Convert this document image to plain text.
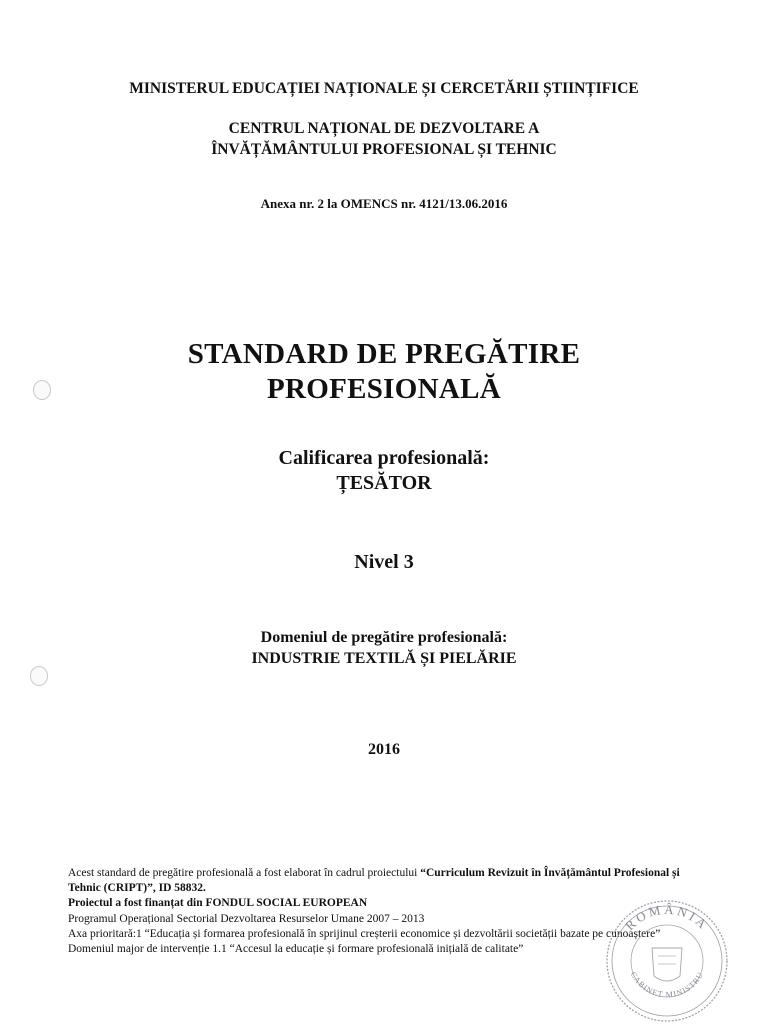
MINISTERUL EDUCAȚIEI NAȚIONALE ȘI CERCETĂRII ȘTIINȚIFICE
CENTRUL NAȚIONAL DE DEZVOLTARE A
ÎNVĂȚĂMÂNTULUI PROFESIONAL ȘI TEHNIC
Anexa nr. 2 la OMENCS nr. 4121/13.06.2016
STANDARD DE PREGĂTIRE
PROFESIONALĂ
Calificarea profesională:
ȚESĂTOR
Nivel 3
Domeniul de pregătire profesională:
INDUSTRIE TEXTILĂ ȘI PIELĂRIE
2016

Acest standard de pregătire profesională a fost elaborat în cadrul proiectului “Curriculum Revizuit în Învățământul Profesional și Tehnic (CRIPT)”, ID 58832.

Proiectul a fost finanțat din FONDUL SOCIAL EUROPEAN

Programul Operațional Sectorial Dezvoltarea Resurselor Umane 2007 – 2013

Axa prioritară:1 “Educația și formarea profesională în sprijinul creșterii economice și dezvoltării societății bazate pe cunoaștere”

Domeniul major de intervenție 1.1 “Accesul la educație și formare profesională inițială de calitate”

ROMÂNIA
CABINET MINISTRU
